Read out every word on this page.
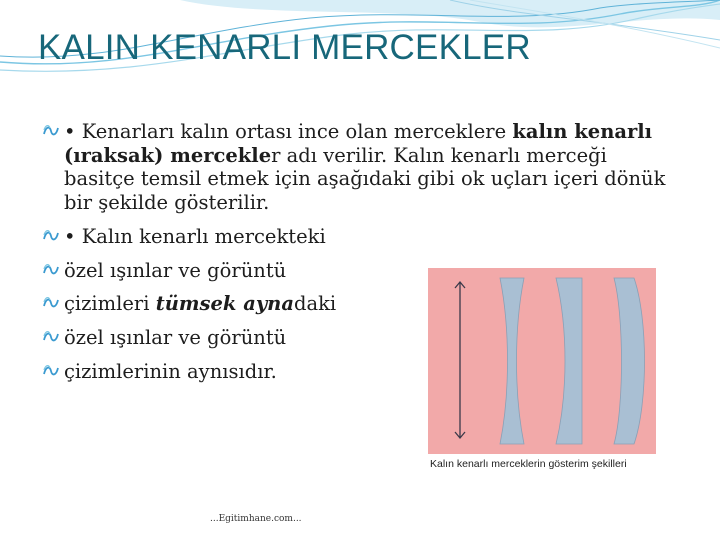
KALIN KENARLI MERCEKLER
• Kenarları kalın ortası ince olan merceklere kalın kenarlı (ıraksak) mercekler adı verilir. Kalın kenarlı merceği basitçe temsil etmek için aşağıdaki gibi ok uçları içeri dönük bir şekilde gösterilir.
• Kalın kenarlı mercekteki
özel ışınlar ve görüntü
çizimleri tümsek aynadaki
özel ışınlar ve görüntü
çizimlerinin aynısıdır.
Kalın kenarlı merceklerin gösterim şekilleri
...Egitimhane.com...
